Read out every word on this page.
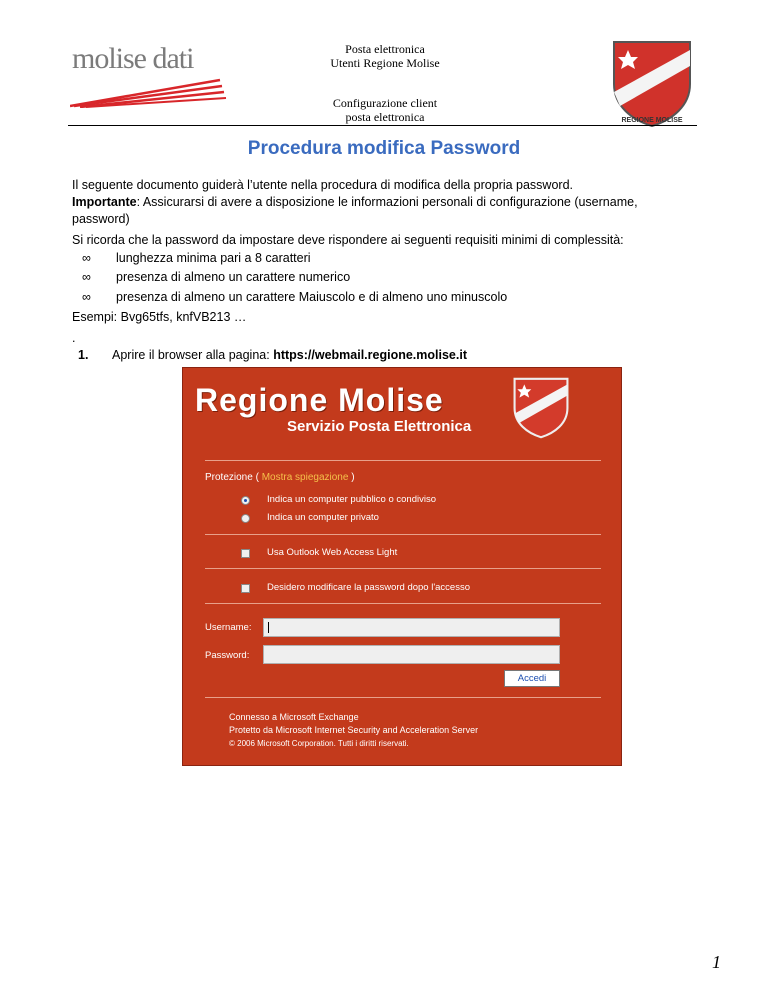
molise dati	Posta elettronica
Utenti Regione Molise
Configurazione client
posta elettronica	REGIONE MOLISE
Procedura modifica Password
Il seguente documento guiderà l’utente nella procedura di modifica della propria password.
Importante: Assicurarsi di avere a disposizione le informazioni personali di configurazione (username, password)
Si ricorda che la password da impostare deve rispondere ai seguenti requisiti minimi di complessità:
∞ lunghezza minima pari a 8 caratteri
∞ presenza di almeno un carattere numerico
∞ presenza di almeno un carattere Maiuscolo e di almeno uno minuscolo
Esempi: Bvg65tfs, knfVB213 …
.
1. Aprire il browser alla pagina: https://webmail.regione.molise.it
Regione Molise
Servizio Posta Elettronica
Protezione ( Mostra spiegazione )
Indica un computer pubblico o condiviso
Indica un computer privato
Usa Outlook Web Access Light
Desidero modificare la password dopo l'accesso
Username:
Password:
Accedi
Connesso a Microsoft Exchange
Protetto da Microsoft Internet Security and Acceleration Server
© 2006 Microsoft Corporation. Tutti i diritti riservati.
1
